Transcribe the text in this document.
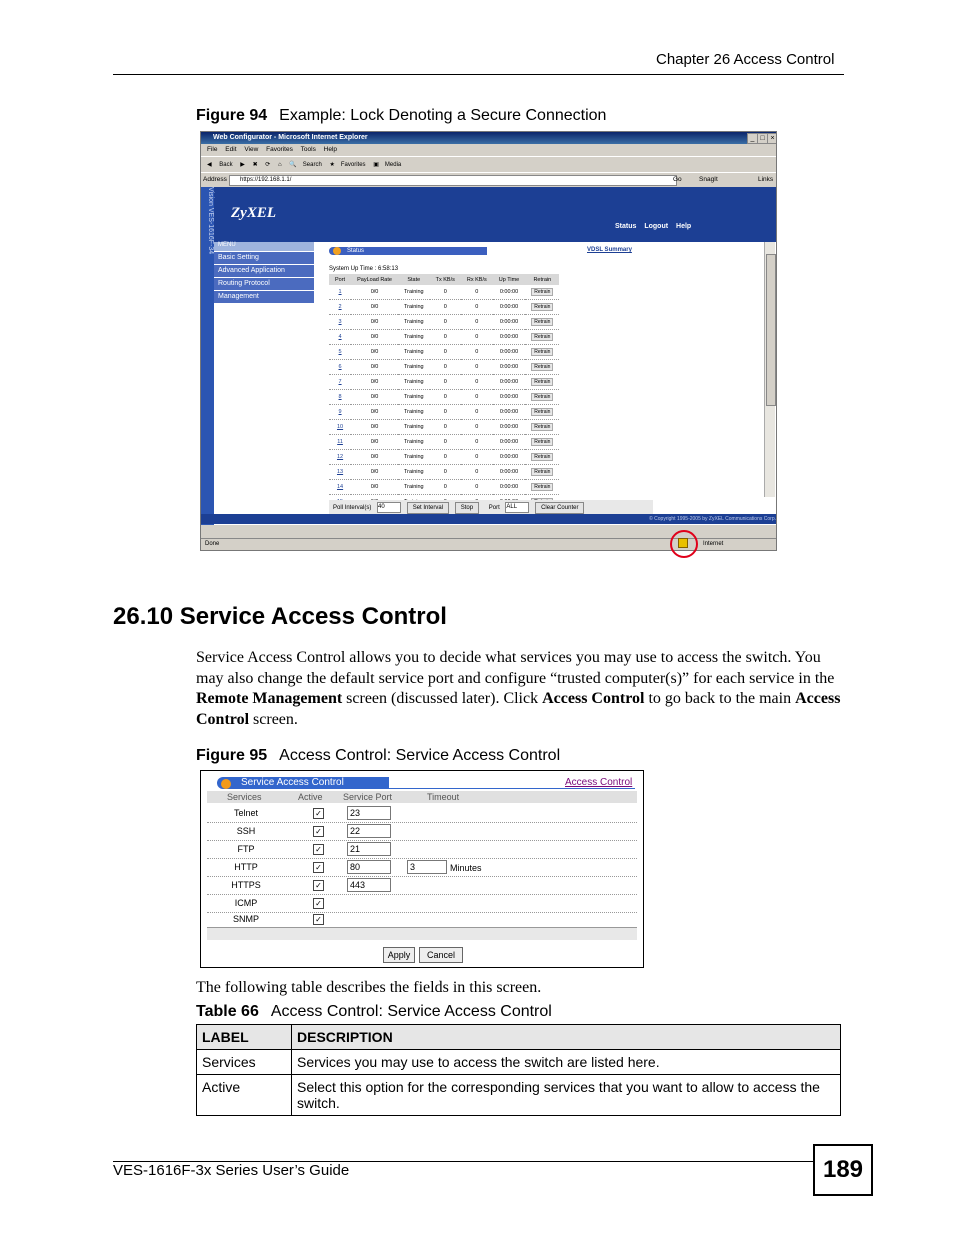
Chapter 26 Access Control
Figure 94 Example: Lock Denoting a Secure Connection
Web Configurator - Microsoft Internet Explorer	_ □ ×
File Edit View Favorites Tools Help
◀ Back ▶ ✖ ⟳ ⌂ 🔍 Search ★ Favorites ▣ Media
Address	https://192.168.1.1/	Go	SnagIt	Links
ZyXEL
Status Logout Help
Vision VES-1616F-34 MENU
Basic Setting
Advanced Application
Routing Protocol
Management
Status	VDSL Summary
System Up Time : 6:58:13
Port	PayLoad Rate	State	Tx KB/s	Rx KB/s	Up Time	Retrain
1	0/0	Training	0	0	0:00:00	Retrain
2	0/0	Training	0	0	0:00:00	Retrain
3	0/0	Training	0	0	0:00:00	Retrain
4	0/0	Training	0	0	0:00:00	Retrain
5	0/0	Training	0	0	0:00:00	Retrain
6	0/0	Training	0	0	0:00:00	Retrain
7	0/0	Training	0	0	0:00:00	Retrain
8	0/0	Training	0	0	0:00:00	Retrain
9	0/0	Training	0	0	0:00:00	Retrain
10	0/0	Training	0	0	0:00:00	Retrain
11	0/0	Training	0	0	0:00:00	Retrain
12	0/0	Training	0	0	0:00:00	Retrain
13	0/0	Training	0	0	0:00:00	Retrain
14	0/0	Training	0	0	0:00:00	Retrain

Poll Interval(s) 40	Set Interval	Stop	Port ALL	Clear Counter
© Copyright 1995-2005 by ZyXEL Communications Corp.
Done	Internet
26.10 Service Access Control
Service Access Control allows you to decide what services you may use to access the switch. You may also change the default service port and configure “trusted computer(s)” for each service in the Remote Management screen (discussed later). Click Access Control to go back to the main Access Control screen.
Figure 95 Access Control: Service Access Control
Service Access Control	Access Control
Services	Active Service Port	Timeout
Telnet	✓	23
SSH	✓	22
FTP	✓	21
HTTP	✓	80	3	Minutes
HTTPS	✓	443
ICMP	✓
SNMP	✓
Apply	Cancel
The following table describes the fields in this screen.
Table 66 Access Control: Service Access Control
LABEL	DESCRIPTION
Services	Services you may use to access the switch are listed here.
Active	Select this option for the corresponding services that you want to allow to access the switch.
VES-1616F-3x Series User’s Guide	189
